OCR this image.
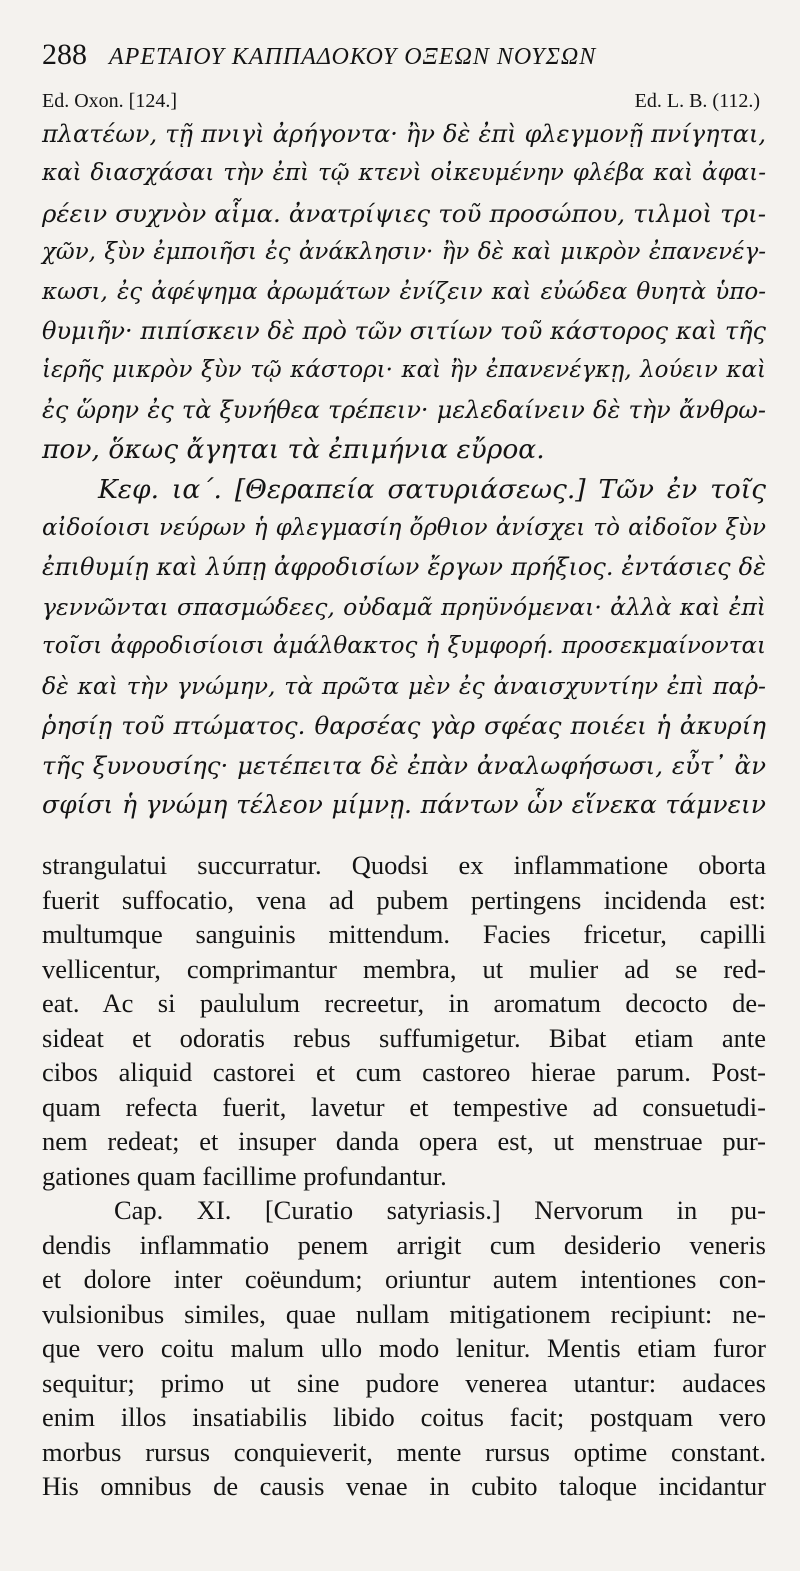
288 ΑΡΕΤΑΙΟΥ ΚΑΠΠΑΔΟΚΟΥ ΟΞΕΩΝ ΝΟΥΣΩΝ
Ed. Oxon. [124.]	Ed. L. B. (112.)
πλατέων, τῇ πνιγὶ ἀρήγοντα· ἢν δὲ ἐπὶ φλεγμονῇ πνίγηται,
καὶ διασχάσαι τὴν ἐπὶ τῷ κτενὶ οἰκευμένην φλέβα καὶ ἀφαι-
ρέειν συχνὸν αἷμα. ἀνατρίψιες τοῦ προσώπου, τιλμοὶ τρι-
χῶν, ξὺν ἐμποιῆσι ἐς ἀνάκλησιν· ἢν δὲ καὶ μικρὸν ἐπανενέγ-
κωσι, ἐς ἀφέψημα ἀρωμάτων ἐνίζειν καὶ εὐώδεα θυητὰ ὑπο-
θυμιῆν· πιπίσκειν δὲ πρὸ τῶν σιτίων τοῦ κάστορος καὶ τῆς
ἱερῆς μικρὸν ξὺν τῷ κάστορι· καὶ ἢν ἐπανενέγκῃ, λούειν καὶ
ἐς ὥρην ἐς τὰ ξυνήθεα τρέπειν· μελεδαίνειν δὲ τὴν ἄνθρω-
πον, ὅκως ἄγηται τὰ ἐπιμήνια εὔροα.
Κεφ. ια΄. [Θεραπεία σατυριάσεως.] Τῶν ἐν τοῖς
αἰδοίοισι νεύρων ἡ φλεγμασίη ὄρθιον ἀνίσχει τὸ αἰδοῖον ξὺν
ἐπιθυμίῃ καὶ λύπῃ ἀφροδισίων ἔργων πρήξιος. ἐντάσιες δὲ
γεννῶνται σπασμώδεες, οὐδαμᾶ πρηϋνόμεναι· ἀλλὰ καὶ ἐπὶ
τοῖσι ἀφροδισίοισι ἀμάλθακτος ἡ ξυμφορή. προσεκμαίνονται
δὲ καὶ τὴν γνώμην, τὰ πρῶτα μὲν ἐς ἀναισχυντίην ἐπὶ παῤ-
ῥησίῃ τοῦ πτώματος. θαρσέας γὰρ σφέας ποιέει ἡ ἀκυρίη
τῆς ξυνουσίης· μετέπειτα δὲ ἐπὰν ἀναλωφήσωσι, εὖτ᾽ ἂν
σφίσι ἡ γνώμη τέλεον μίμνῃ. πάντων ὧν εἵνεκα τάμνειν
strangulatui succurratur. Quodsi ex inflammatione oborta
fuerit suffocatio, vena ad pubem pertingens incidenda est:
multumque sanguinis mittendum. Facies fricetur, capilli
vellicentur, comprimantur membra, ut mulier ad se red-
eat. Ac si paululum recreetur, in aromatum decocto de-
sideat et odoratis rebus suffumigetur. Bibat etiam ante
cibos aliquid castorei et cum castoreo hierae parum. Post-
quam refecta fuerit, lavetur et tempestive ad consuetudi-
nem redeat; et insuper danda opera est, ut menstruae pur-
gationes quam facillime profundantur.
Cap. XI. [Curatio satyriasis.] Nervorum in pu-
dendis inflammatio penem arrigit cum desiderio veneris
et dolore inter coëundum; oriuntur autem intentiones con-
vulsionibus similes, quae nullam mitigationem recipiunt: ne-
que vero coitu malum ullo modo lenitur. Mentis etiam furor
sequitur; primo ut sine pudore venerea utantur: audaces
enim illos insatiabilis libido coitus facit; postquam vero
morbus rursus conquieverit, mente rursus optime constant.
His omnibus de causis venae in cubito taloque incidantur
